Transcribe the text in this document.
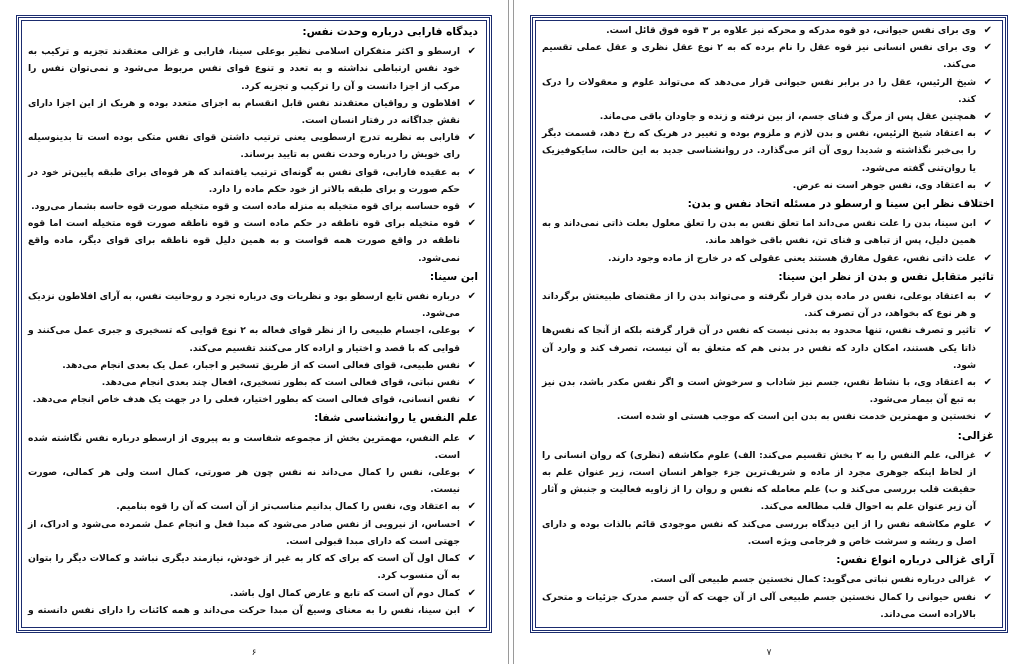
دیدگاه فارابی درباره وحدت نفس:
✔
ارسطو و اکثر متفکران اسلامی نظیر بوعلی سینا، فارابی و غزالی معتقدند تجزیه و ترکیب به خود نفس ارتباطی نداشته و به تعدد و تنوع قوای نفس مربوط می‌شود و نمی‌توان نفس را مرکب از اجزا دانست و آن را ترکیب و تجزیه کرد.
✔
افلاطون و رواقیان معتقدند نفس قابل انقسام به اجزای متعدد بوده و هریک از این اجزا دارای نقش جداگانه در رفتار انسان است.
✔
فارابی به نظریه تدرج ارسطویی یعنی ترتیب داشتن قوای نفس متکی بوده است تا بدینوسیله رای خویش را درباره وحدت نفس به تایید برساند.
✔
به عقیده فارابی، قوای نفس به گونه‌ای ترتیب یافته‌اند که هر قوه‌ای برای طبقه پایین‌تر خود در حکم صورت و برای طبقه بالاتر از خود حکم ماده را دارد.
✔
قوه حساسه برای قوه متخیله به منزله ماده است و قوه متخیله صورت قوه حاسه بشمار می‌رود.
✔
قوه متخیله برای قوه ناطقه در حکم ماده است و قوه ناطقه صورت قوه متخیله است اما قوه ناطقه در واقع صورت همه قواست و به همین دلیل قوه ناطقه برای قوای دیگر، ماده واقع نمی‌شود.
ابن سینا:
✔
درباره نفس تابع ارسطو بود و نظریات وی درباره تجرد و روحانیت نفس، به آرای افلاطون نزدیک می‌شود.
✔
بوعلی، اجسام طبیعی را از نظر قوای فعاله به ۲ نوع قوایی که تسخیری و جبری عمل می‌کنند و قوایی که با قصد و اختیار و اراده کار می‌کنند تقسیم می‌کند.
✔
نفس طبیعی، قوای فعالی است که از طریق تسخیر و اجبار، عمل یک بعدی انجام می‌دهد.
✔
نفس نباتی، قوای فعالی است که بطور تسخیری، افعال چند بعدی انجام می‌دهد.
✔
نفس انسانی، قوای فعالی است که بطور اختیار، فعلی را در جهت یک هدف خاص انجام می‌دهد.
علم النفس یا روانشناسی شفا:
✔
علم النفس، مهمترین بخش از مجموعه شفاست و به پیروی از ارسطو درباره نفس نگاشته شده است.
✔
بوعلی، نفس را کمال می‌داند نه نفس چون هر صورتی، کمال است ولی هر کمالی، صورت نیست.
✔
به اعتقاد وی، نفس را کمال بدانیم مناسب‌تر از آن است که آن را قوه بنامیم.
✔
احساس، از نیرویی از نفس صادر می‌شود که مبدا فعل و انجام عمل شمرده می‌شود و ادراک، از جهتی است که دارای مبدا قبولی است.
✔
کمال اول آن است که برای که کار به غیر از خودش، نیازمند دیگری نباشد و کمالات دیگر را بتوان به آن منسوب کرد.
✔
کمال دوم آن است که تابع و عارض کمال اول باشد.
✔
ابن سینا، نفس را به معنای وسیع آن مبدا حرکت می‌داند و همه کائنات را دارای نفس دانسته و
۶
✔
وی برای نفس حیوانی، دو قوه مدرکه و محرکه نیز علاوه بر ۳ قوه فوق قائل است.
✔
وی برای نفس انسانی نیز قوه عقل را نام برده که به ۲ نوع عقل نظری و عقل عملی تقسیم می‌کند.
✔
شیخ الرئیس، عقل را در برابر نفس حیوانی قرار می‌دهد که می‌تواند علوم و معقولات را درک کند.
✔
همچنین عقل پس از مرگ و فنای جسم، از بین نرفته و زنده و جاودان باقی می‌ماند.
✔
به اعتقاد شیخ الرئیس، نفس و بدن لازم و ملزوم بوده و تغییر در هریک که رخ دهد، قسمت دیگر را بی‌خبر نگذاشته و شدیدا روی آن اثر می‌گذارد. در روانشناسی جدید به این حالت، سایکوفیزیک یا روان‌تنی گفته می‌شود.
✔
به اعتقاد وی، نفس جوهر است نه عرض.
اختلاف نظر ابن سینا و ارسطو در مسئله اتحاد نفس و بدن:
✔
ابن سینا، بدن را علت نفس می‌داند اما تعلق نفس به بدن را تعلق معلول بعلت ذاتی نمی‌داند و به همین دلیل، پس از تباهی و فنای تن، نفس باقی خواهد ماند.
✔
علت ذاتی نفس، عقول مفارق هستند یعنی عقولی که در خارج از ماده وجود دارند.
تاثیر متقابل نفس و بدن از نظر ابن سینا:
✔
به اعتقاد بوعلی، نفس در ماده بدن قرار نگرفته و می‌تواند بدن را از مقتضای طبیعتش برگرداند و هر نوع که بخواهد، در آن تصرف کند.
✔
تاثیر و تصرف نفس، تنها محدود به بدنی نیست که نفس در آن قرار گرفته بلکه از آنجا که نفس‌ها ذاتا یکی هستند، امکان دارد که نفس در بدنی هم که متعلق به آن نیست، تصرف کند و وارد آن شود.
✔
به اعتقاد وی، با نشاط نفس، جسم نیز شاداب و سرخوش است و اگر نفس مکدر باشد، بدن نیز به تبع آن بیمار می‌شود.
✔
نخستین و مهمترین خدمت نفس به بدن این است که موجب هستی او شده است.
غزالی:
✔
غزالی، علم النفس را به ۲ بخش تقسیم می‌کند: الف) علوم مکاشفه (نظری) که روان انسانی را از لحاظ اینکه جوهری مجرد از ماده و شریف‌ترین جزء جواهر انسان است، زیر عنوان علم به حقیقت قلب بررسی می‌کند و ب) علم معامله که نفس و روان را از زاویه فعالیت و جنبش و آثار آن زیر عنوان علم به احوال قلب مطالعه می‌کند.
✔
علوم مکاشفه نفس را از این دیدگاه بررسی می‌کند که نفس موجودی قائم بالذات بوده و دارای اصل و ریشه و سرشت خاص و فرجامی ویژه است.
آرای غزالی درباره انواع نفس:
✔
غزالی درباره نفس نباتی می‌گوید: کمال نخستین جسم طبیعی آلی است.
✔
نفس حیوانی را کمال نخستین جسم طبیعی آلی از آن جهت که آن جسم مدرک جزئیات و متحرک بالاراده است می‌داند.
۷
